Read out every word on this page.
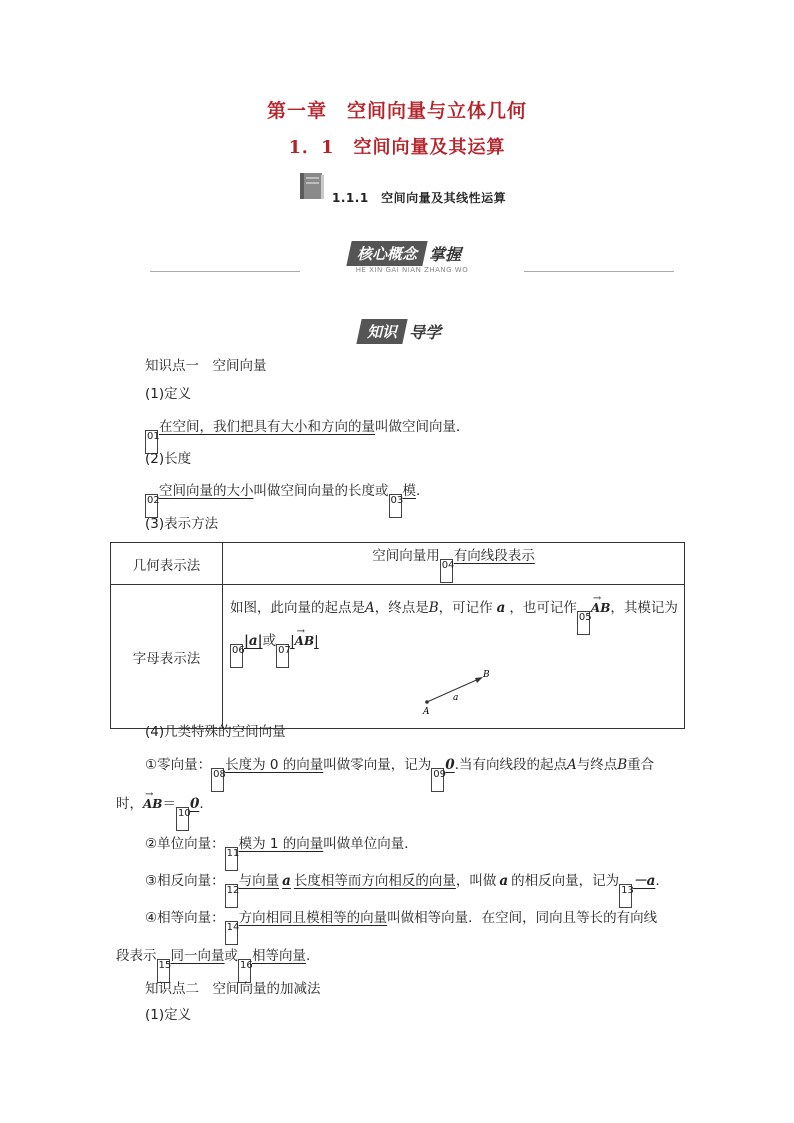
第一章　空间向量与立体几何
1．1　空间向量及其运算
1.1.1　空间向量及其线性运算
核心概念 掌握
HE XIN GAI NIAN ZHANG WO
知识 导学
知识点一　空间向量
(1)定义
01在空间，我们把具有大小和方向的量叫做空间向量．
(2)长度
02空间向量的大小叫做空间向量的长度或03模.
(3)表示方法
几何表示法	空间向量用04有向线段表示
字母表示法	如图，此向量的起点是A，终点是B，可记作 a ，也可记作05→ AB，其模记为
06|a|或07|→ AB|
A
B
a
(4)几类特殊的空间向量
①零向量：08长度为 0 的向量叫做零向量，记为090.当有向线段的起点A与终点B重合
时，→ AB＝100.
②单位向量：11模为 1 的向量叫做单位向量．
③相反向量：12与向量 a 长度相等而方向相反的向量，叫做 a 的相反向量，记为13－a.
④相等向量：14方向相同且模相等的向量叫做相等向量．在空间，同向且等长的有向线
段表示15同一向量或16相等向量.
知识点二　空间向量的加减法
(1)定义
